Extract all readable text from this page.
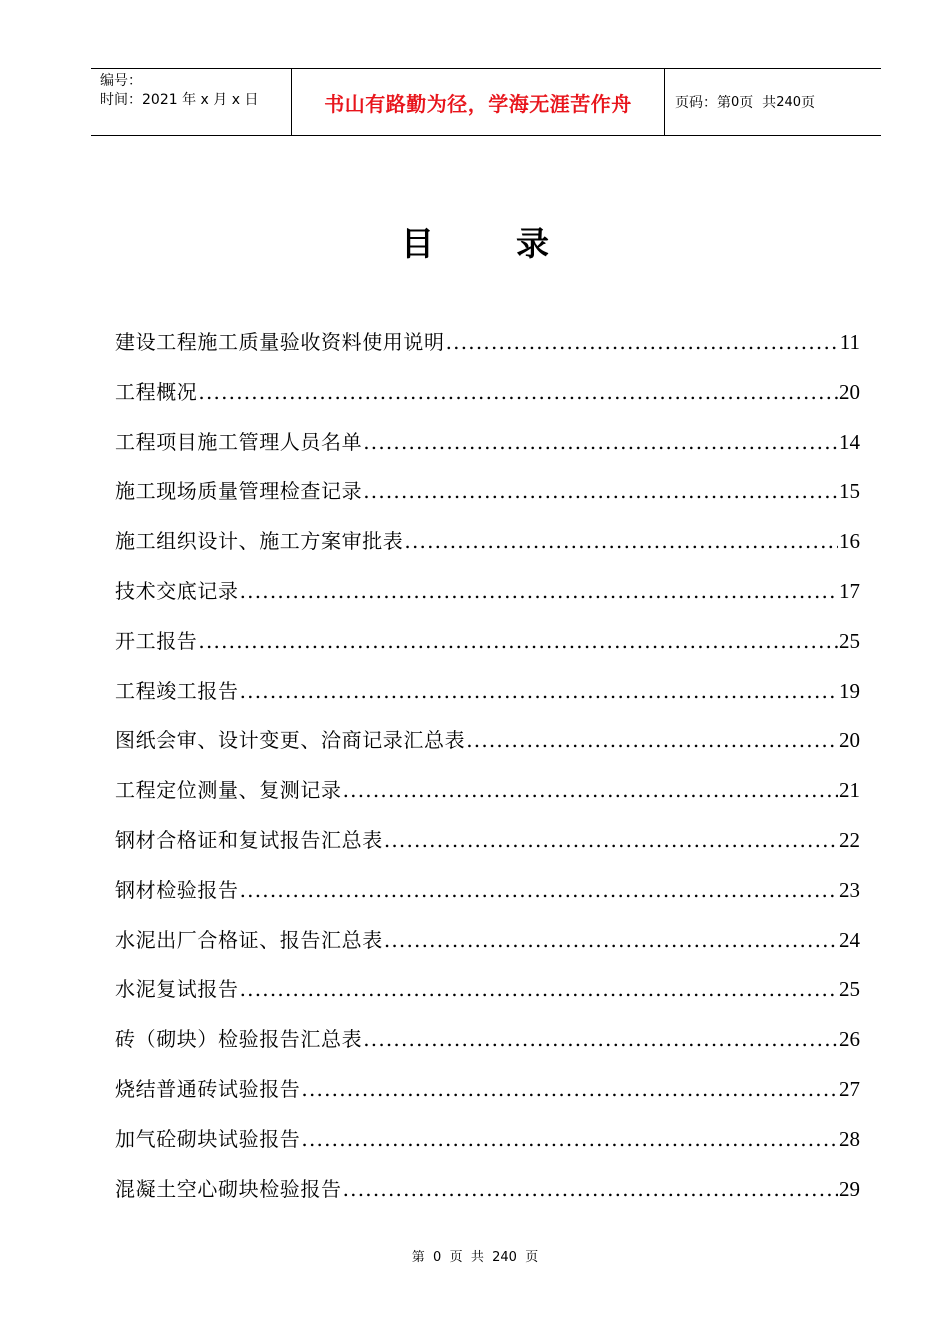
编号：
时间：2021 年 x 月 x 日	书山有路勤为径，学海无涯苦作舟	页码：第 0 页  共 240 页
目 录
建设工程施工质量验收资料使用说明 .....	11
工程概况 .....	20
工程项目施工管理人员名单 .....	14
施工现场质量管理检查记录 .....	15
施工组织设计、施工方案审批表 .....	16
技术交底记录 .....	17
开工报告 .....	25
工程竣工报告 .....	19
图纸会审、设计变更、洽商记录汇总表 .....	20
工程定位测量、复测记录 .....	21
钢材合格证和复试报告汇总表 .....	22
钢材检验报告 .....	23
水泥出厂合格证、报告汇总表 .....	24
水泥复试报告 .....	25
砖（砌块）检验报告汇总表 .....	26
烧结普通砖试验报告 .....	27
加气砼砌块试验报告 .....	28
混凝土空心砌块检验报告 .....	29
第  0  页  共  240  页
